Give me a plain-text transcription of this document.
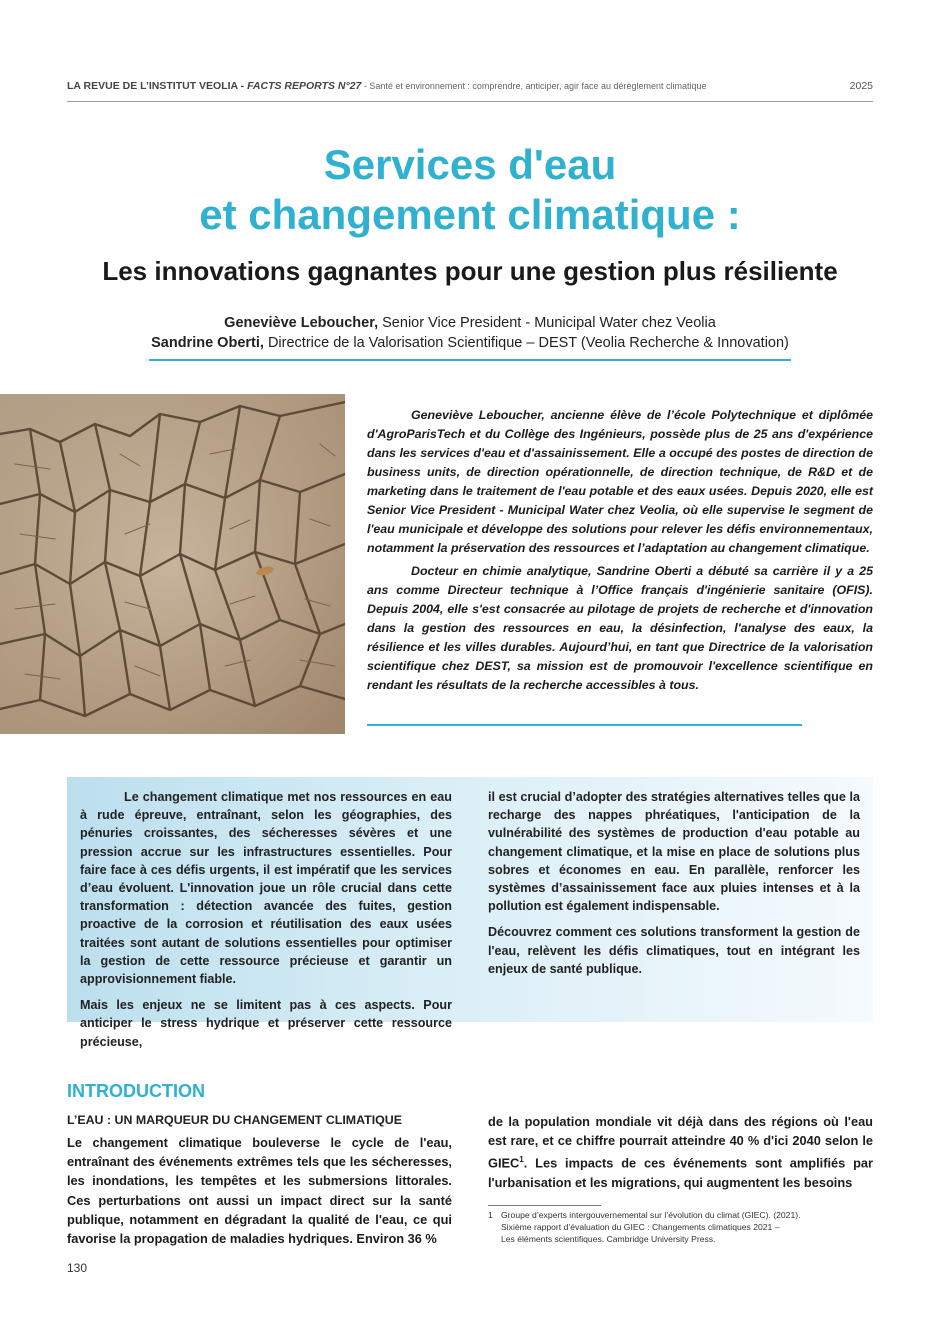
LA REVUE DE L’INSTITUT VEOLIA - FACTS REPORTS N°27 - Santé et environnement : comprendre, anticiper, agir face au dérèglement climatique	2025
Services d'eau
et changement climatique :
Les innovations gagnantes pour une gestion plus résiliente
Geneviève Leboucher, Senior Vice President - Municipal Water chez Veolia
Sandrine Oberti, Directrice de la Valorisation Scientifique – DEST (Veolia Recherche & Innovation)

Geneviève Leboucher, ancienne élève de l’école Polytechnique et diplômée d'AgroParisTech et du Collège des Ingénieurs, possède plus de 25 ans d'expérience dans les services d'eau et d'assainissement. Elle a occupé des postes de direction de business units, de direction opérationnelle, de direction technique, de R&D et de marketing dans le traitement de l'eau potable et des eaux usées. Depuis 2020, elle est Senior Vice President - Municipal Water chez Veolia, où elle supervise le segment de l'eau municipale et développe des solutions pour relever les défis environnementaux, notamment la préservation des ressources et l’adaptation au changement climatique.

Docteur en chimie analytique, Sandrine Oberti a débuté sa carrière il y a 25 ans comme Directeur technique à l’Office français d'ingénierie sanitaire (OFIS). Depuis 2004, elle s'est consacrée au pilotage de projets de recherche et d'innovation dans la gestion des ressources en eau, la désinfection, l'analyse des eaux, la résilience et les villes durables. Aujourd’hui, en tant que Directrice de la valorisation scientifique chez DEST, sa mission est de promouvoir l'excellence scientifique en rendant les résultats de la recherche accessibles à tous.

Le changement climatique met nos ressources en eau à rude épreuve, entraînant, selon les géographies, des pénuries croissantes, des sécheresses sévères et une pression accrue sur les infrastructures essentielles. Pour faire face à ces défis urgents, il est impératif que les services d’eau évoluent. L'innovation joue un rôle crucial dans cette transformation : détection avancée des fuites, gestion proactive de la corrosion et réutilisation des eaux usées traitées sont autant de solutions essentielles pour optimiser la gestion de cette ressource précieuse et garantir un approvisionnement fiable.

Mais les enjeux ne se limitent pas à ces aspects. Pour anticiper le stress hydrique et préserver cette ressource précieuse,

il est crucial d’adopter des stratégies alternatives telles que la recharge des nappes phréatiques, l'anticipation de la vulnérabilité des systèmes de production d'eau potable au changement climatique, et la mise en place de solutions plus sobres et économes en eau. En parallèle, renforcer les systèmes d’assainissement face aux pluies intenses et à la pollution est également indispensable.

Découvrez comment ces solutions transforment la gestion de l'eau, relèvent les défis climatiques, tout en intégrant les enjeux de santé publique.

INTRODUCTION
L’EAU : UN MARQUEUR DU CHANGEMENT CLIMATIQUE

Le changement climatique bouleverse le cycle de l'eau, entraînant des événements extrêmes tels que les sécheresses, les inondations, les tempêtes et les submersions littorales. Ces perturbations ont aussi un impact direct sur la santé publique, notamment en dégradant la qualité de l'eau, ce qui favorise la propagation de maladies hydriques. Environ 36 %

de la population mondiale vit déjà dans des régions où l'eau est rare, et ce chiffre pourrait atteindre 40 % d'ici 2040 selon le GIEC$^1$. Les impacts de ces événements sont amplifiés par l'urbanisation et les migrations, qui augmentent les besoins

1 Groupe d’experts intergouvernemental sur l’évolution du climat (GIEC). (2021).
Sixième rapport d’évaluation du GIEC : Changements climatiques 2021 –
Les éléments scientifiques. Cambridge University Press.
130
